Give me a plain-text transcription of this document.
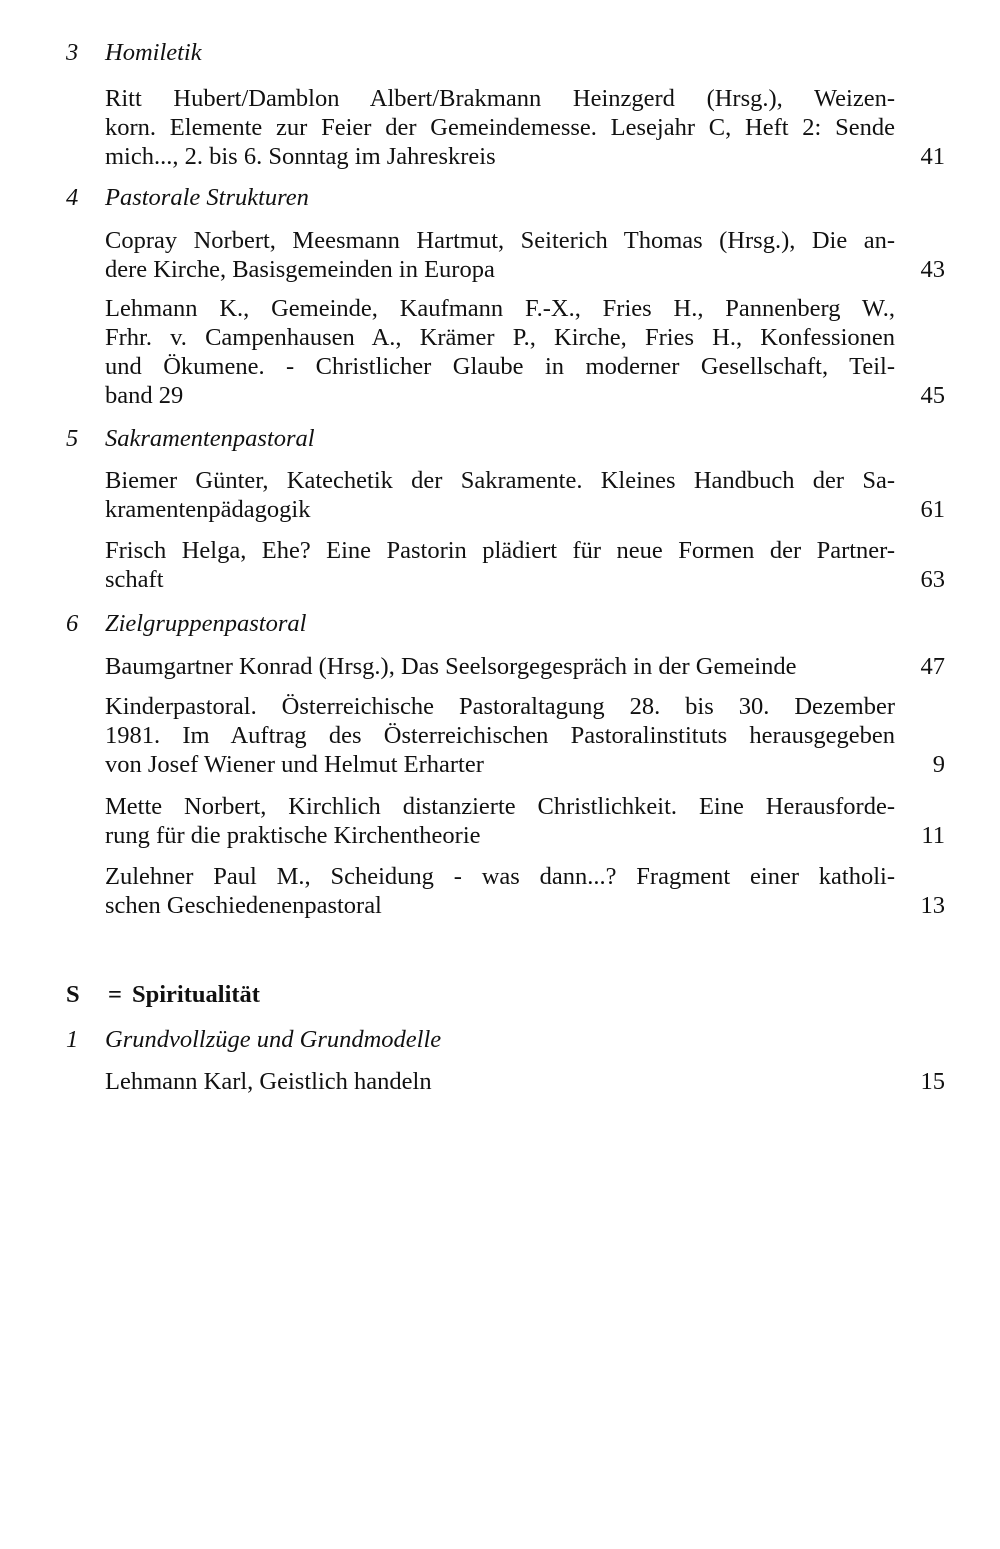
3 Homiletik
Ritt Hubert/Damblon Albert/Brakmann Heinzgerd (Hrsg.), Weizen-
korn. Elemente zur Feier der Gemeindemesse. Lesejahr C, Heft 2: Sende
mich..., 2. bis 6. Sonntag im Jahreskreis	41
4 Pastorale Strukturen
Copray Norbert, Meesmann Hartmut, Seiterich Thomas (Hrsg.), Die an-
dere Kirche, Basisgemeinden in Europa	43
Lehmann K., Gemeinde, Kaufmann F.-X., Fries H., Pannenberg W.,
Frhr. v. Campenhausen A., Krämer P., Kirche, Fries H., Konfessionen
und Ökumene. - Christlicher Glaube in moderner Gesellschaft, Teil-
band 29	45
5 Sakramentenpastoral
Biemer Günter, Katechetik der Sakramente. Kleines Handbuch der Sa-
kramentenpädagogik	61
Frisch Helga, Ehe? Eine Pastorin plädiert für neue Formen der Partner-
schaft	63
6 Zielgruppenpastoral
Baumgartner Konrad (Hrsg.), Das Seelsorgegespräch in der Gemeinde	47
Kinderpastoral. Österreichische Pastoraltagung 28. bis 30. Dezember
1981. Im Auftrag des Österreichischen Pastoralinstituts herausgegeben
von Josef Wiener und Helmut Erharter	9
Mette Norbert, Kirchlich distanzierte Christlichkeit. Eine Herausforde-
rung für die praktische Kirchentheorie	11
Zulehner Paul M., Scheidung - was dann...? Fragment einer katholi-
schen Geschiedenenpastoral	13
S = Spiritualität
1 Grundvollzüge und Grundmodelle
Lehmann Karl, Geistlich handeln	15
